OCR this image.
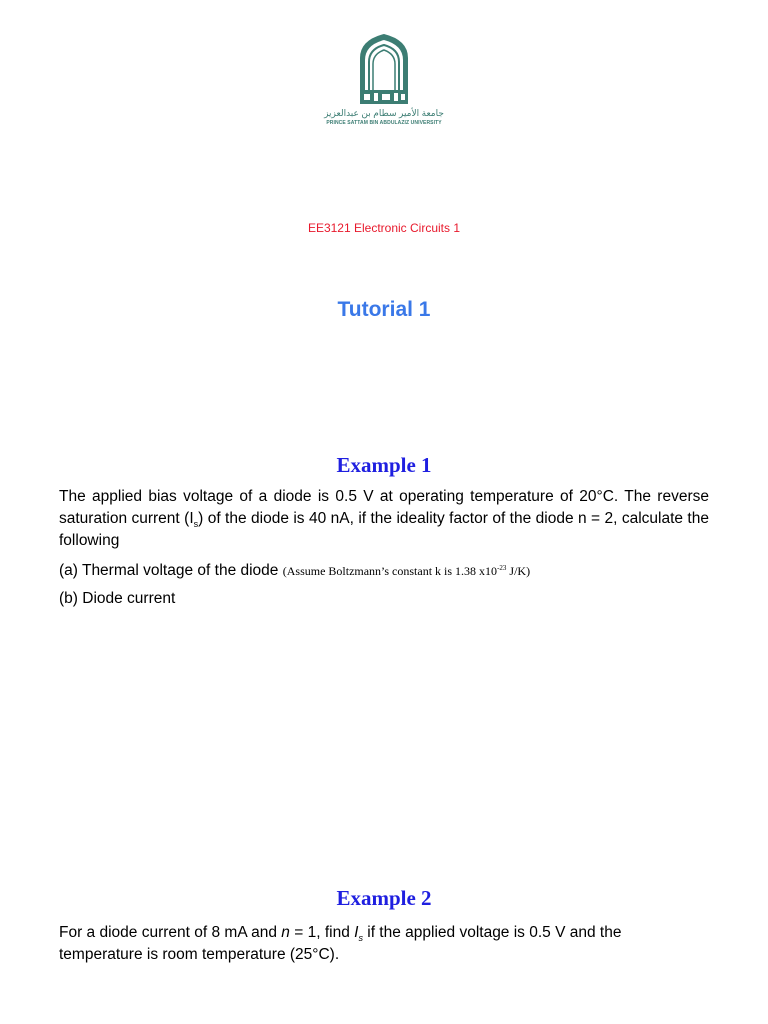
جامعة الأمير سطام بن عبدالعزيز
PRINCE SATTAM BIN ABDULAZIZ UNIVERSITY
EE3121 Electronic Circuits 1
Tutorial 1
Example 1
The applied bias voltage of a diode is 0.5 V at operating temperature of 20°C. The reverse saturation current $(I_s)$ of the diode is 40 nA, if the ideality factor of the diode n = 2, calculate the following
(a) Thermal voltage of the diode (Assume Boltzmann’s constant k is 1.38 $x10^{-23}$ J/K)
(b) Diode current
Example 2
For a diode current of 8 mA and n = 1, find $I_s$ if the applied voltage is 0.5 V and the temperature is room temperature (25°C).
